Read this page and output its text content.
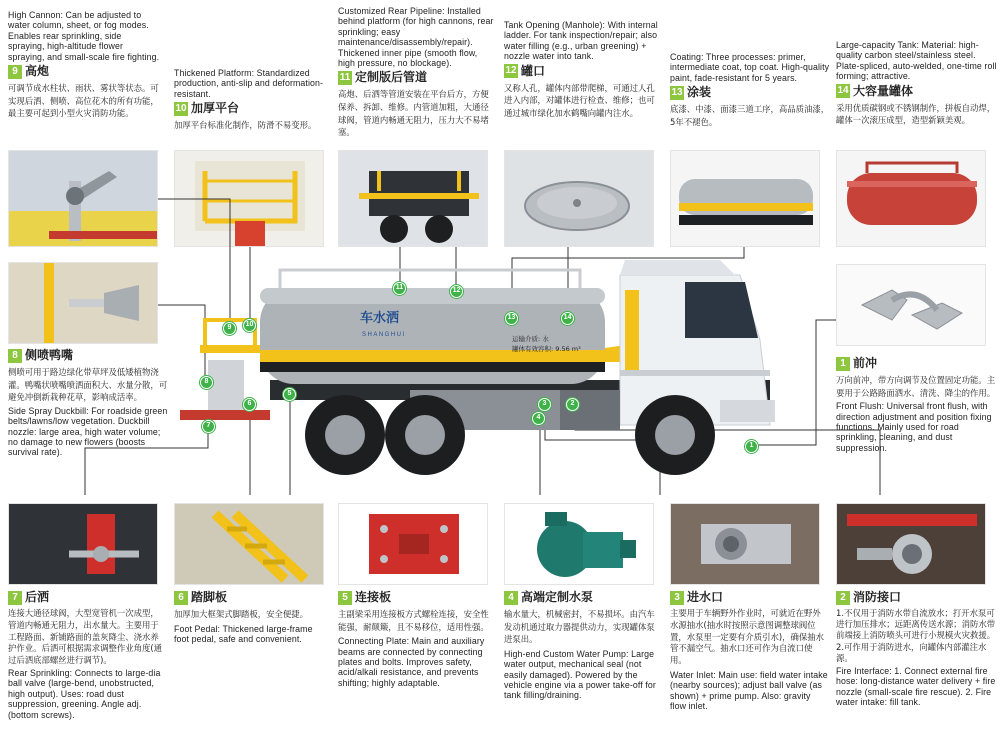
High Cannon: Can be adjusted to water column, sheet, or fog modes. Enables rear sprinkling, side spraying, high-altitude flower spraying, and small-scale fire fighting.
9 高炮
可调节成水柱状、雨状、雾状等状态。可实现后洒、侧喷、高位花木的所有功能，最主要可起到小型火灾消防功能。
Thickened Platform: Standardized production, anti-slip and deformation-resistant.
10 加厚平台
加厚平台标准化制作，防滑不易变形。
Customized Rear Pipeline: Installed behind platform (for high cannons, rear sprinkling; easy maintenance/disassembly/repair). Thickened inner pipe (smooth flow, high pressure, no blockage).
11 定制版后管道
高炮、后洒等管道安装在平台后方，方便保养、拆卸、维修。内管道加粗，大通径球阀，管道内畅通无阻力，压力大不易堵塞。
Tank Opening (Manhole): With internal ladder. For tank inspection/repair; also water filling (e.g., urban greening) + nozzle water into tank.
12 罐口
又称人孔，罐体内部带爬梯，可通过人孔进入内部，对罐体进行检查、维修；也可通过城市绿化加水鹤嘴向罐内注水。
Coating: Three processes: primer, intermediate coat, top coat. High-quality paint, fade-resistant for 5 years.
13 涂装
底漆、中漆、面漆三道工序，高品质油漆，5年不褪色。
Large-capacity Tank: Material: high-quality carbon steel/stainless steel. Plate-spliced, auto-welded, one-time roll forming; attractive.
14 大容量罐体
采用优质碳钢或不锈钢制作，拼板自动焊，罐体一次滚压成型，造型新颖美观。
8 侧喷鸭嘴
侧喷可用于路边绿化带草坪及低矮植物浇灌。鸭嘴状喷嘴喷洒面积大、水量分散，可避免冲倒新栽种花草，影响成活率。
Side Spray Duckbill: For roadside green belts/lawns/low vegetation. Duckbill nozzle: large area, high water volume; no damage to new flowers (boosts survival rate).
1 前冲
万向前冲，带方向调节及位置固定功能。主要用于公路路面洒水、清洗、降尘的作用。
Front Flush: Universal front flush, with direction adjustment and position fixing functions. Mainly used for road sprinkling, cleaning, and dust suppression.
车水洒
SHANGHUI	运输介质: 水
罐体有效容积: 9.56 m³
9	10
11	12
13	14
8
7
6
5
4
3	2
1
7 后洒
连接大通径球阀，大型宽管机一次成型，管道内畅通无阻力，出水量大。主要用于工程路面、新铺路面的盖灰降尘、浇水养护作业。后洒可根据需求调整作业角度(通过后洒底部螺丝进行调节)。
Rear Sprinkling: Connects to large-dia ball valve (large-bend, unobstructed, high output). Uses: road dust suppression, greening. Angle adj. (bottom screws).
6 踏脚板
加厚加大框架式脚踏板，安全便捷。
Foot Pedal: Thickened large-frame foot pedal, safe and convenient.
5 连接板
主副梁采用连接板方式螺栓连接，安全性能强，耐颠簸，且不易移位，适用性强。
Connecting Plate: Main and auxiliary beams are connected by connecting plates and bolts. Improves safety, acid/alkali resistance, and prevents shifting; highly adaptable.
4 高端定制水泵
输水量大，机械密封，不易损坏。由汽车发动机通过取力器提供动力，实现罐体泵进泵出。
High-end Custom Water Pump: Large water output, mechanical seal (not easily damaged). Powered by the vehicle engine via a power take-off for tank filling/draining.
3 进水口
主要用于车辆野外作业时，可就近在野外水源抽水(抽水时按照示意图调整球阀位置，水泵里一定要有介质引水)，确保抽水管不漏空气。抽水口还可作为自流口使用。
Water Inlet: Main use: field water intake (nearby sources); adjust ball valve (as shown) + prime pump. Also: gravity flow inlet.
2 消防接口
1.不仅用于消防水带自流放水；打开水泵可进行加压排水；远距离传送水源；消防水带前端接上消防喷头可进行小规模火灾救援。2.可作用于消防进水，向罐体内部灌注水源。
Fire Interface: 1. Connect external fire hose: long-distance water delivery + fire nozzle (small-scale fire rescue). 2. Fire water intake: fill tank.
